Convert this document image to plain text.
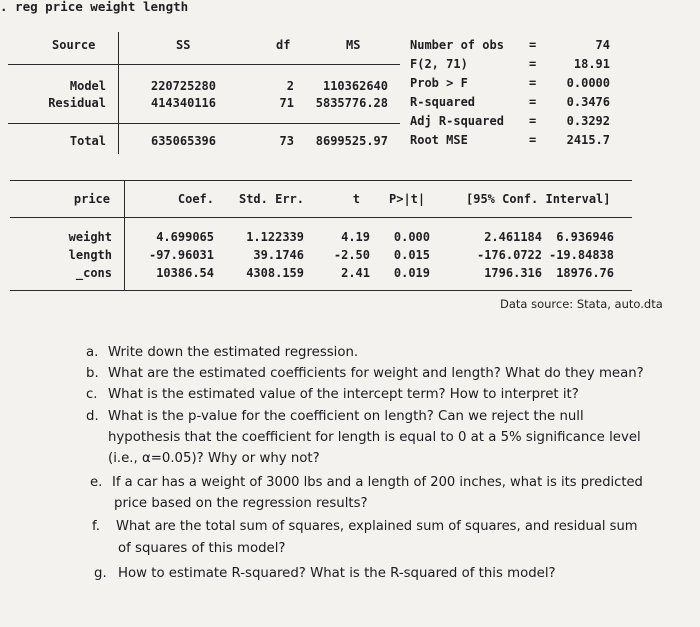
. reg price weight length
Source	SS	df	MS
Model	220725280	2	110362640
Residual	414340116	71	5835776.28
Total	635065396	73	8699525.97
Number of obs =	74
F(2, 71)	=	18.91
Prob > F	=	0.0000
R-squared	=	0.3476
Adj R-squared =	0.3292
Root MSE	=	2415.7
price	Coef.	Std. Err.	t P>|t|	[95% Conf. Interval]
weight	4.699065	1.122339	4.19	0.000	2.461184	6.936946
length	-97.96031	39.1746	-2.50	0.015	-176.0722 -19.84838
_cons	10386.54	4308.159	2.41	0.019	1796.316	18976.76
Data source: Stata, auto.dta
a. Write down the estimated regression.
b. What are the estimated coefficients for weight and length? What do they mean?
c. What is the estimated value of the intercept term? How to interpret it?
d. What is the p-value for the coefficient on length? Can we reject the null
hypothesis that the coefficient for length is equal to 0 at a 5% significance level
(i.e., α=0.05)? Why or why not?
e. If a car has a weight of 3000 lbs and a length of 200 inches, what is its predicted
price based on the regression results?
f. What are the total sum of squares, explained sum of squares, and residual sum
of squares of this model?
g. How to estimate R-squared? What is the R-squared of this model?
